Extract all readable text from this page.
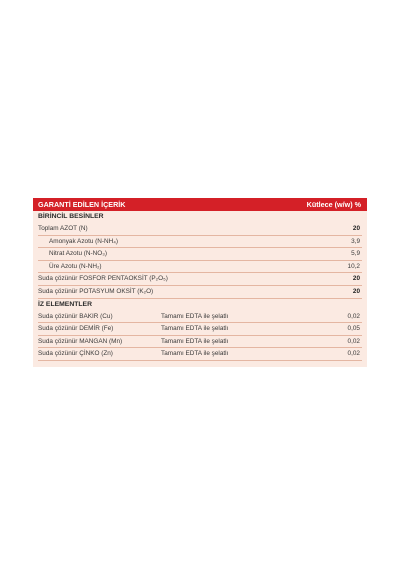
GARANTİ EDİLEN İÇERİK	Kütlece (w/w) %
BİRİNCİL BESİNLER
Toplam AZOT (N)	20
Amonyak Azotu (N-NH₄)	3,9
Nitrat Azotu (N-NO₃)	5,9
Üre Azotu (N-NH₂)	10,2
Suda çözünür FOSFOR PENTAOKSİT (P₂O₅)	20
Suda çözünür POTASYUM OKSİT (K₂O)	20
İZ ELEMENTLER
Suda çözünür BAKIR (Cu)	Tamamı EDTA ile şelatlı	0,02
Suda çözünür DEMİR (Fe)	Tamamı EDTA ile şelatlı	0,05
Suda çözünür MANGAN (Mn)	Tamamı EDTA ile şelatlı	0,02
Suda çözünür ÇİNKO (Zn)	Tamamı EDTA ile şelatlı	0,02
